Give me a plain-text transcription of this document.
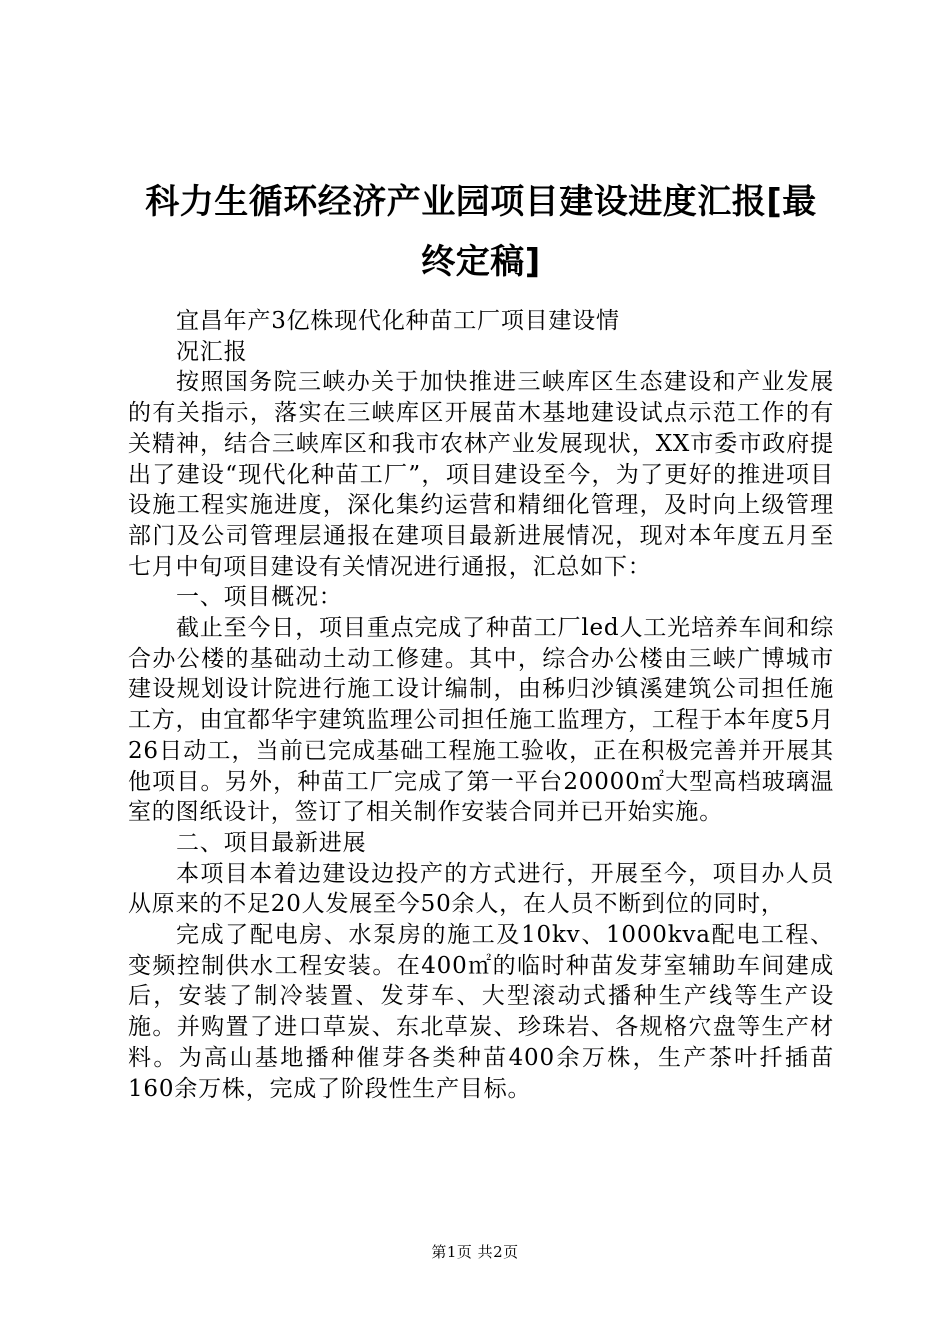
科力生循环经济产业园项目建设进度汇报[最终定稿]

宜昌年产3亿株现代化种苗工厂项目建设情

况汇报

按照国务院三峡办关于加快推进三峡库区生态建设和产业发展的有关指示，落实在三峡库区开展苗木基地建设试点示范工作的有关精神，结合三峡库区和我市农林产业发展现状，XX市委市政府提出了建设“现代化种苗工厂”，项目建设至今，为了更好的推进项目设施工程实施进度，深化集约运营和精细化管理，及时向上级管理部门及公司管理层通报在建项目最新进展情况，现对本年度五月至七月中旬项目建设有关情况进行通报，汇总如下：

一、项目概况：

截止至今日，项目重点完成了种苗工厂led人工光培养车间和综合办公楼的基础动土动工修建。其中，综合办公楼由三峡广博城市建设规划设计院进行施工设计编制，由秭归沙镇溪建筑公司担任施工方，由宜都华宇建筑监理公司担任施工监理方，工程于本年度5月26日动工，当前已完成基础工程施工验收，正在积极完善并开展其他项目。另外，种苗工厂完成了第一平台20000㎡大型高档玻璃温室的图纸设计，签订了相关制作安装合同并已开始实施。

二、项目最新进展

本项目本着边建设边投产的方式进行，开展至今，项目办人员从原来的不足20人发展至今50余人，在人员不断到位的同时，

完成了配电房、水泵房的施工及10kv、1000kva配电工程、变频控制供水工程安装。在400㎡的临时种苗发芽室辅助车间建成后，安装了制冷装置、发芽车、大型滚动式播种生产线等生产设施。并购置了进口草炭、东北草炭、珍珠岩、各规格穴盘等生产材料。为高山基地播种催芽各类种苗400余万株，生产茶叶扦插苗160余万株，完成了阶段性生产目标。

第1页 共2页
